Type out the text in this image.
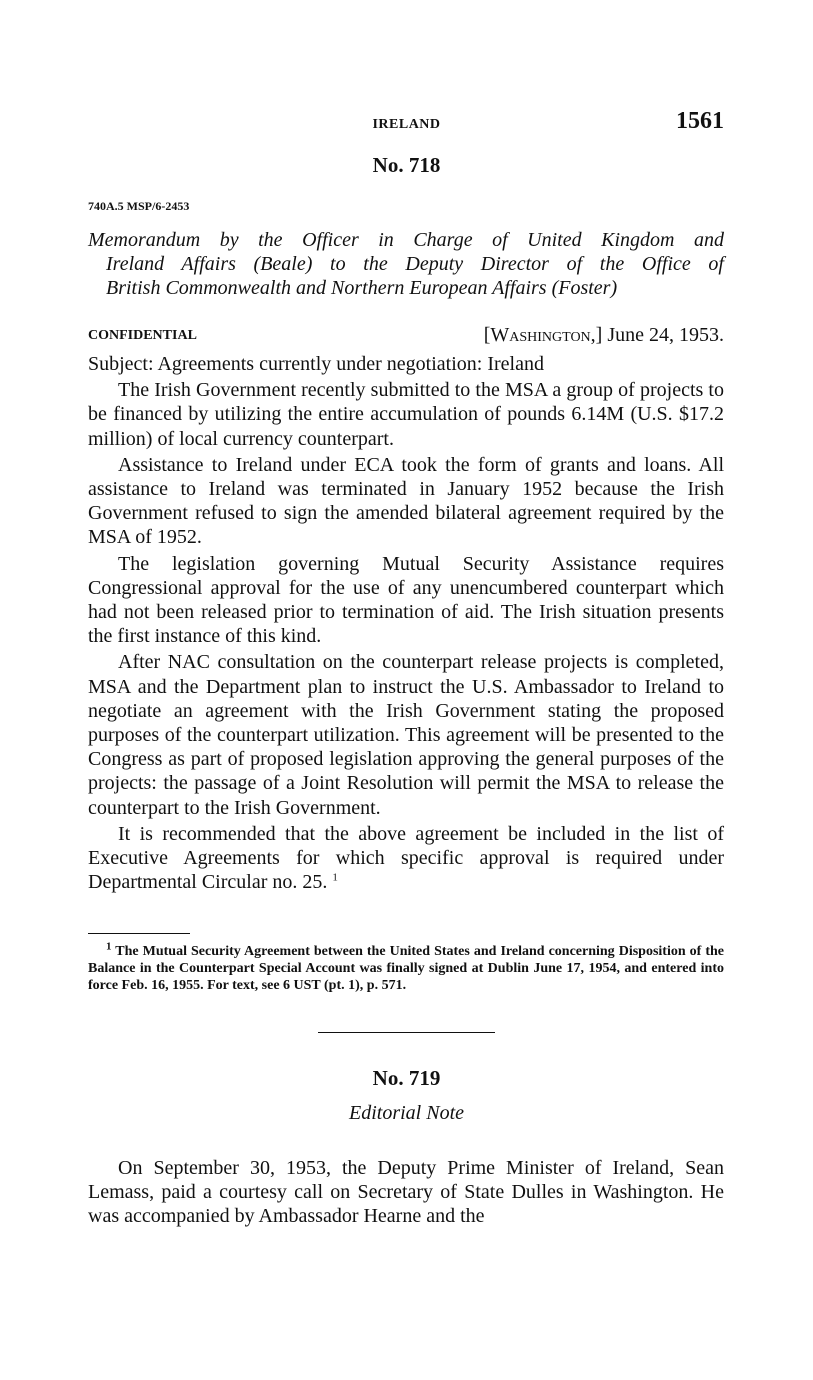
IRELAND	1561
No. 718
740A.5 MSP/6-2453

Memorandum by the Officer in Charge of United Kingdom and

Ireland Affairs (Beale) to the Deputy Director of the Office of

British Commonwealth and Northern European Affairs (Foster)

CONFIDENTIAL	[Washington,] June 24, 1953.

Subject: Agreements currently under negotiation: Ireland

The Irish Government recently submitted to the MSA a group of projects to be financed by utilizing the entire accumulation of pounds 6.14M (U.S. $17.2 million) of local currency counterpart.

Assistance to Ireland under ECA took the form of grants and loans. All assistance to Ireland was terminated in January 1952 because the Irish Government refused to sign the amended bilateral agreement required by the MSA of 1952.

The legislation governing Mutual Security Assistance requires Congressional approval for the use of any unencumbered counterpart which had not been released prior to termination of aid. The Irish situation presents the first instance of this kind.

After NAC consultation on the counterpart release projects is completed, MSA and the Department plan to instruct the U.S. Ambassador to Ireland to negotiate an agreement with the Irish Government stating the proposed purposes of the counterpart utilization. This agreement will be presented to the Congress as part of proposed legislation approving the general purposes of the projects: the passage of a Joint Resolution will permit the MSA to release the counterpart to the Irish Government.

It is recommended that the above agreement be included in the list of Executive Agreements for which specific approval is required under Departmental Circular no. 25. $^1$

$^1$ The Mutual Security Agreement between the United States and Ireland concerning Disposition of the Balance in the Counterpart Special Account was finally signed at Dublin June 17, 1954, and entered into force Feb. 16, 1955. For text, see 6 UST (pt. 1), p. 571.

No. 719
Editorial Note

On September 30, 1953, the Deputy Prime Minister of Ireland, Sean Lemass, paid a courtesy call on Secretary of State Dulles in Washington. He was accompanied by Ambassador Hearne and the
